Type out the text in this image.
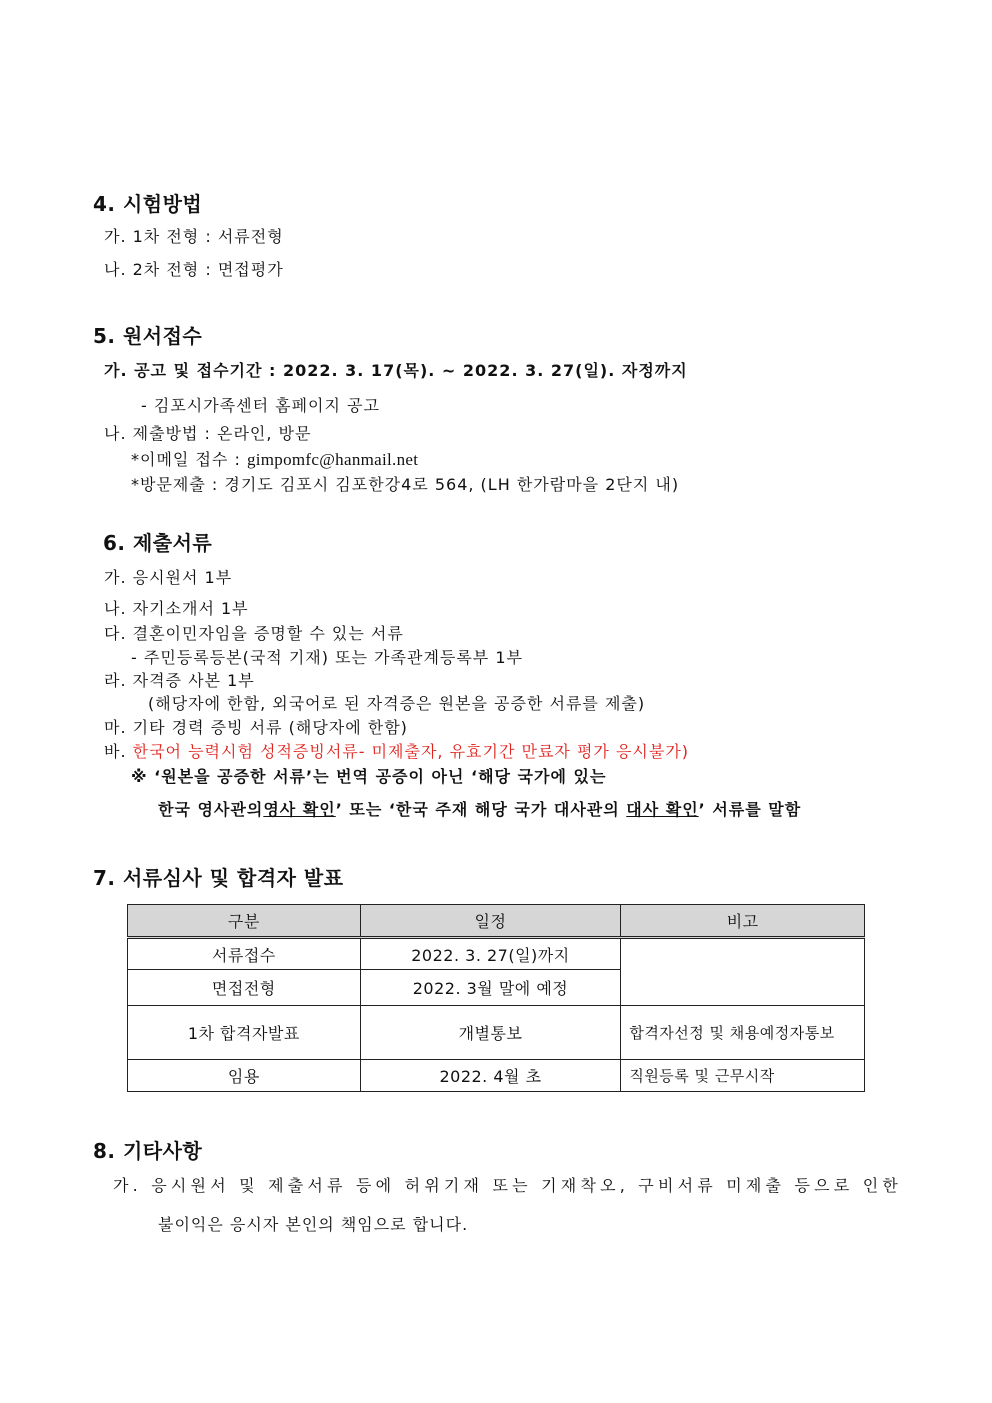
4. 시험방법
가. 1차 전형 : 서류전형
나. 2차 전형 : 면접평가
5. 원서접수
가. 공고 및 접수기간 : 2022. 3. 17(목). ~ 2022. 3. 27(일). 자정까지
- 김포시가족센터 홈페이지 공고
나. 제출방법 : 온라인, 방문
*이메일 접수 : gimpomfc@hanmail.net
*방문제출 : 경기도 김포시 김포한강4로 564, (LH 한가람마을 2단지 내)
6. 제출서류
가. 응시원서 1부
나. 자기소개서 1부
다. 결혼이민자임을 증명할 수 있는 서류
- 주민등록등본(국적 기재) 또는 가족관계등록부 1부
라. 자격증 사본 1부
(해당자에 한함, 외국어로 된 자격증은 원본을 공증한 서류를 제출)
마. 기타 경력 증빙 서류 (해당자에 한함)
바. 한국어 능력시험 성적증빙서류- 미제출자, 유효기간 만료자 평가 응시불가)
※ ‘원본을 공증한 서류’는 번역 공증이 아닌 ‘해당 국가에 있는
한국 영사관의영사 확인’ 또는 ‘한국 주재 해당 국가 대사관의 대사 확인’ 서류를 말함
7. 서류심사 및 합격자 발표
구분	일정	비고
서류접수	2022. 3. 27(일)까지	
면접전형	2022. 3월 말에 예정	
1차 합격자발표	개별통보	합격자선정 및 채용예정자통보
임용	2022. 4월 초	직원등록 및 근무시작
8. 기타사항
가. 응시원서 및 제출서류 등에 허위기재 또는 기재착오, 구비서류 미제출 등으로 인한
불이익은 응시자 본인의 책임으로 합니다.
